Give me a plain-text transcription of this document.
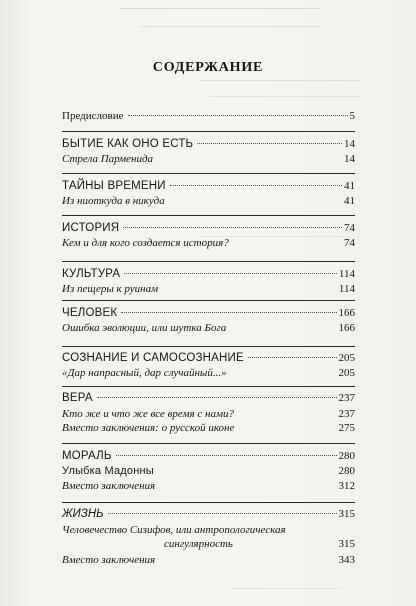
СОДЕРЖАНИЕ
Предисловие	5
БЫТИЕ КАК ОНО ЕСТЬ	14
Стрела Парменида	14
ТАЙНЫ ВРЕМЕНИ	41
Из ниоткуда в никуда	41
ИСТОРИЯ	74
Кем и для кого создается история?	74
КУЛЬТУРА	114
Из пещеры к руинам	114
ЧЕЛОВЕК	166
Ошибка эволюции, или шутка Бога	166
СОЗНАНИЕ И САМОСОЗНАНИЕ	205
«Дар напрасный, дар случайный...»	205
ВЕРА	237
Кто же и что же все время с нами?	237
Вместо заключения: о русской иконе	275
МОРАЛЬ	280
Улыбка Мадонны	280
Вместо заключения	312
ЖИЗНЬ	315
Человечество Сизифов, или антропологическая
сингулярность	315
Вместо заключения	343
